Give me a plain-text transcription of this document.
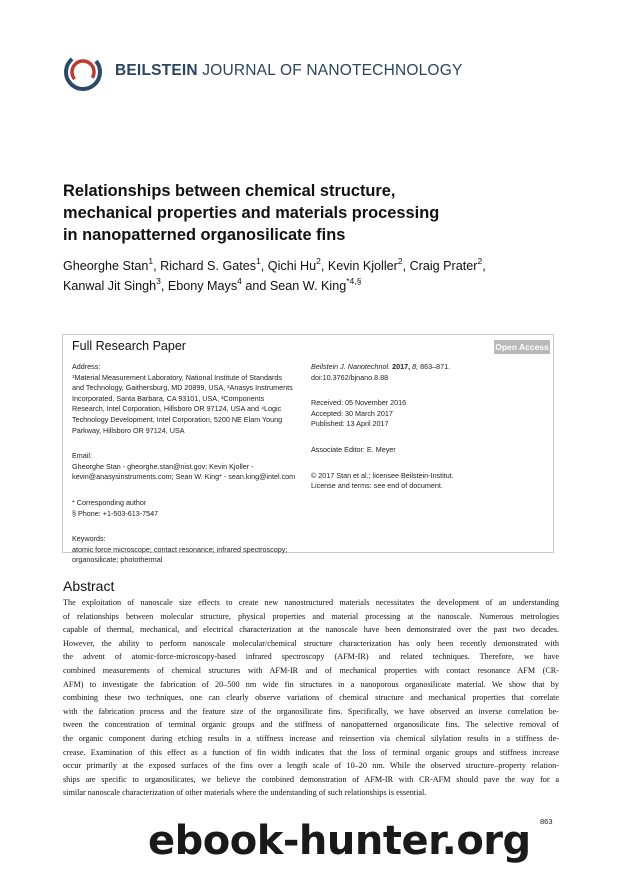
BEILSTEIN JOURNAL OF NANOTECHNOLOGY
Relationships between chemical structure,
mechanical properties and materials processing
in nanopatterned organosilicate fins
Gheorghe Stan$^1$, Richard S. Gates$^1$, Qichi Hu$^2$, Kevin Kjoller$^2$, Craig Prater$^2$,
Kanwal Jit Singh$^3$, Ebony Mays$^4$ and Sean W. King$^{*4,\S}$
Full Research Paper	Open Access
Address:
¹Material Measurement Laboratory, National Institute of Standards
and Technology, Gaithersburg, MD 20899, USA, ²Anasys Instruments
Incorporated, Santa Barbara, CA 93101, USA, ³Components
Research, Intel Corporation, Hillsboro OR 97124, USA and ⁴Logic
Technology Development, Intel Corporation, 5200 NE Elam Young
Parkway, Hillsboro OR 97124, USA
Email:
Gheorghe Stan - gheorghe.stan@nist.gov; Kevin Kjoller -
kevin@anasysinstruments.com; Sean W. King* - sean.king@intel.com
* Corresponding author
§ Phone: +1-503-613-7547
Keywords:
atomic force microscope; contact resonance; infrared spectroscopy;
organosilicate; photothermal
Beilstein J. Nanotechnol. 2017, 8, 863–871.
doi:10.3762/bjnano.8.88
Received: 05 November 2016
Accepted: 30 March 2017
Published: 13 April 2017
Associate Editor: E. Meyer
© 2017 Stan et al.; licensee Beilstein-Institut.
License and terms: see end of document.
Abstract
The exploitation of nanoscale size effects to create new nanostructured materials necessitates the development of an understanding
of relationships between molecular structure, physical properties and material processing at the nanoscale. Numerous metrologies
capable of thermal, mechanical, and electrical characterization at the nanoscale have been demonstrated over the past two decades.
However, the ability to perform nanoscale molecular/chemical structure characterization has only been recently demonstrated with
the advent of atomic-force-microscopy-based infrared spectroscopy (AFM-IR) and related techniques. Therefore, we have
combined measurements of chemical structures with AFM-IR and of mechanical properties with contact resonance AFM (CR-
AFM) to investigate the fabrication of 20–500 nm wide fin structures in a nanoporous organosilicate material. We show that by
combining these two techniques, one can clearly observe variations of chemical structure and mechanical properties that correlate
with the fabrication process and the feature size of the organosilicate fins. Specifically, we have observed an inverse correlation be-
tween the concentration of terminal organic groups and the stiffness of nanopatterned organosilicate fins. The selective removal of
the organic component during etching results in a stiffness increase and reinsertion via chemical silylation results in a stiffness de-
crease. Examination of this effect as a function of fin width indicates that the loss of terminal organic groups and stiffness increase
occur primarily at the exposed surfaces of the fins over a length scale of 10–20 nm. While the observed structure–property relation-
ships are specific to organosilicates, we believe the combined demonstration of AFM-IR with CR-AFM should pave the way for a
similar nanoscale characterization of other materials where the understanding of such relationships is essential.
863
ebook-hunter.org
